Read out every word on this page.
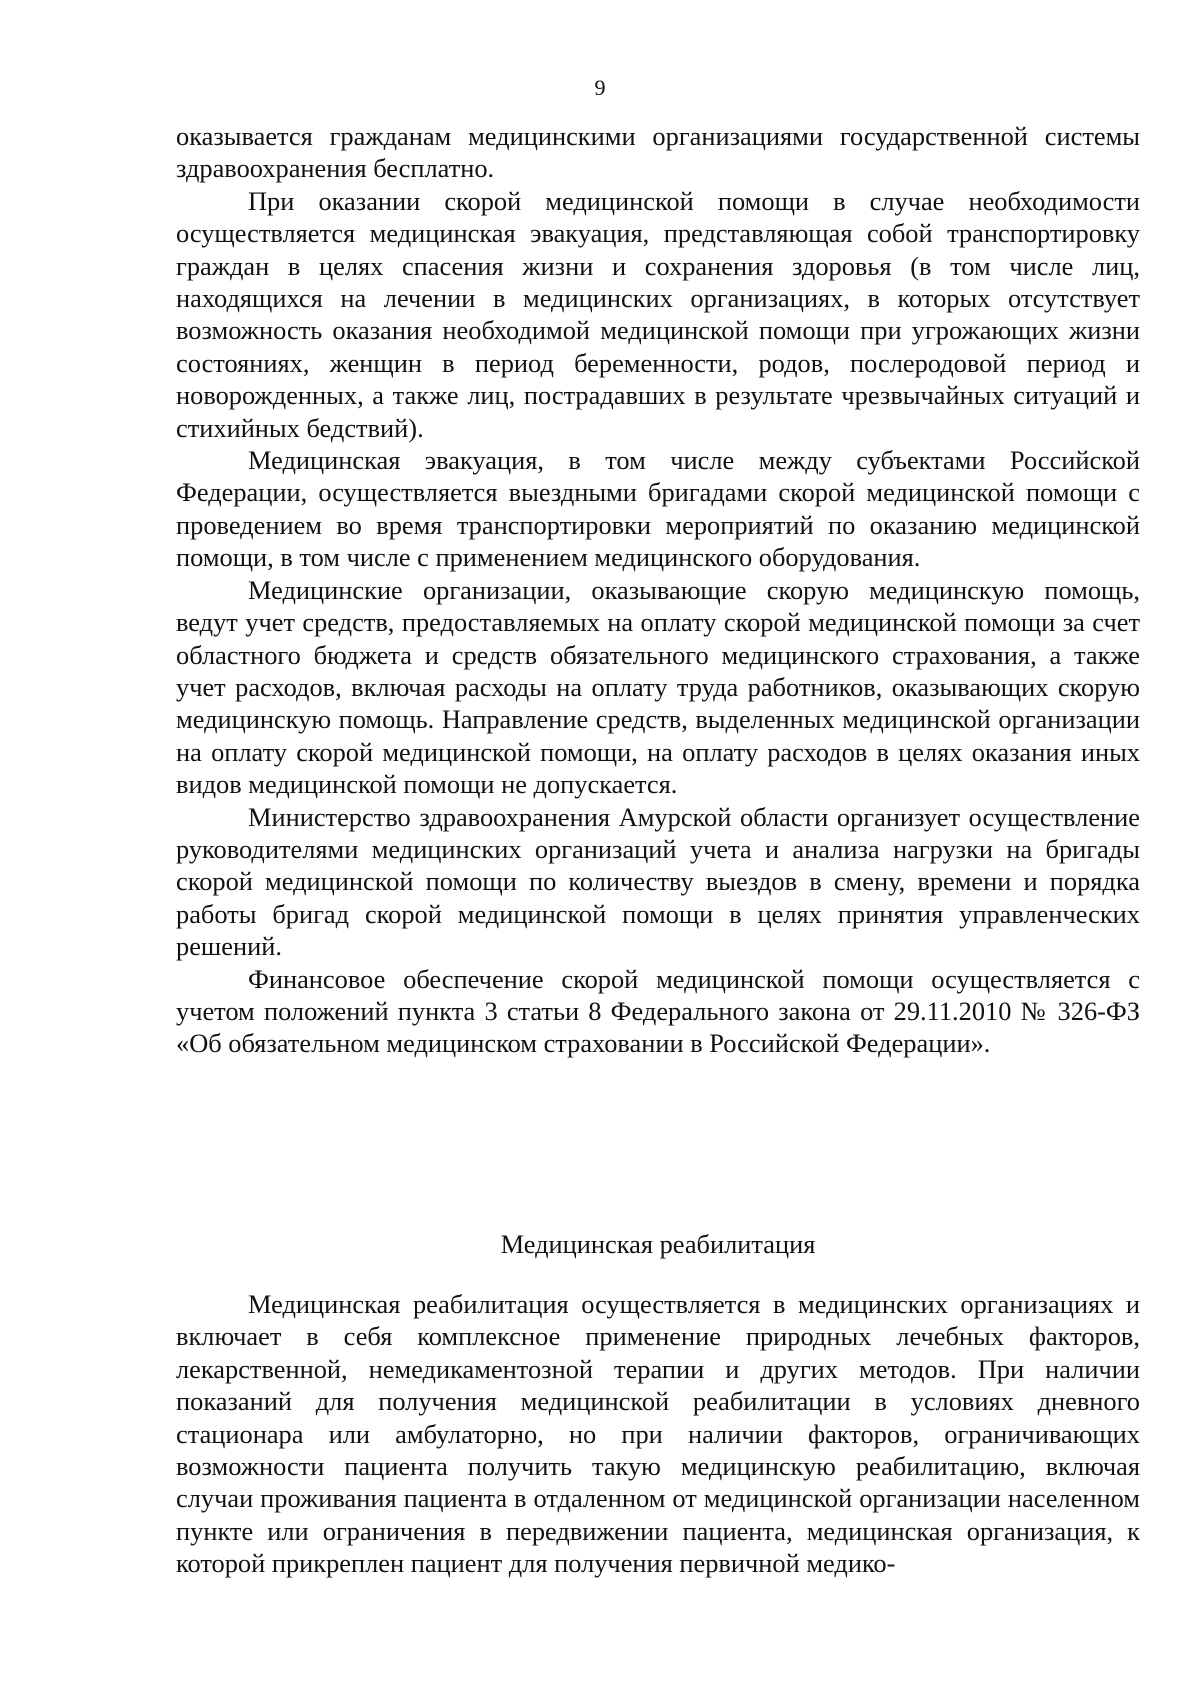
9

оказывается гражданам медицинскими организациями государственной системы здравоохранения бесплатно.

При оказании скорой медицинской помощи в случае необходимости осуществляется медицинская эвакуация, представляющая собой транспортировку граждан в целях спасения жизни и сохранения здоровья (в том числе лиц, находящихся на лечении в медицинских организациях, в которых отсутствует возможность оказания необходимой медицинской помощи при угрожающих жизни состояниях, женщин в период беременности, родов, послеродовой период и новорожденных, а также лиц, пострадавших в результате чрезвычайных ситуаций и стихийных бедствий).

Медицинская эвакуация, в том числе между субъектами Российской Федерации, осуществляется выездными бригадами скорой медицинской помощи с проведением во время транспортировки мероприятий по оказанию медицинской помощи, в том числе с применением медицинского оборудования.

Медицинские организации, оказывающие скорую медицинскую помощь, ведут учет средств, предоставляемых на оплату скорой медицинской помощи за счет областного бюджета и средств обязательного медицинского страхования, а также учет расходов, включая расходы на оплату труда работников, оказывающих скорую медицинскую помощь. Направление средств, выделенных медицинской организации на оплату скорой медицинской помощи, на оплату расходов в целях оказания иных видов медицинской помощи не допускается.

Министерство здравоохранения Амурской области организует осуществление руководителями медицинских организаций учета и анализа нагрузки на бригады скорой медицинской помощи по количеству выездов в смену, времени и порядка работы бригад скорой медицинской помощи в целях принятия управленческих решений.

Финансовое обеспечение скорой медицинской помощи осуществляется с учетом положений пункта 3 статьи 8 Федерального закона от 29.11.2010 № 326-ФЗ «Об обязательном медицинском страховании в Российской Федерации».

Медицинская реабилитация

Медицинская реабилитация осуществляется в медицинских организациях и включает в себя комплексное применение природных лечебных факторов, лекарственной, немедикаментозной терапии и других методов. При наличии показаний для получения медицинской реабилитации в условиях дневного стационара или амбулаторно, но при наличии факторов, ограничивающих возможности пациента получить такую медицинскую реабилитацию, включая случаи проживания пациента в отдаленном от медицинской организации населенном пункте или ограничения в передвижении пациента, медицинская организация, к которой прикреплен пациент для получения первичной медико-
